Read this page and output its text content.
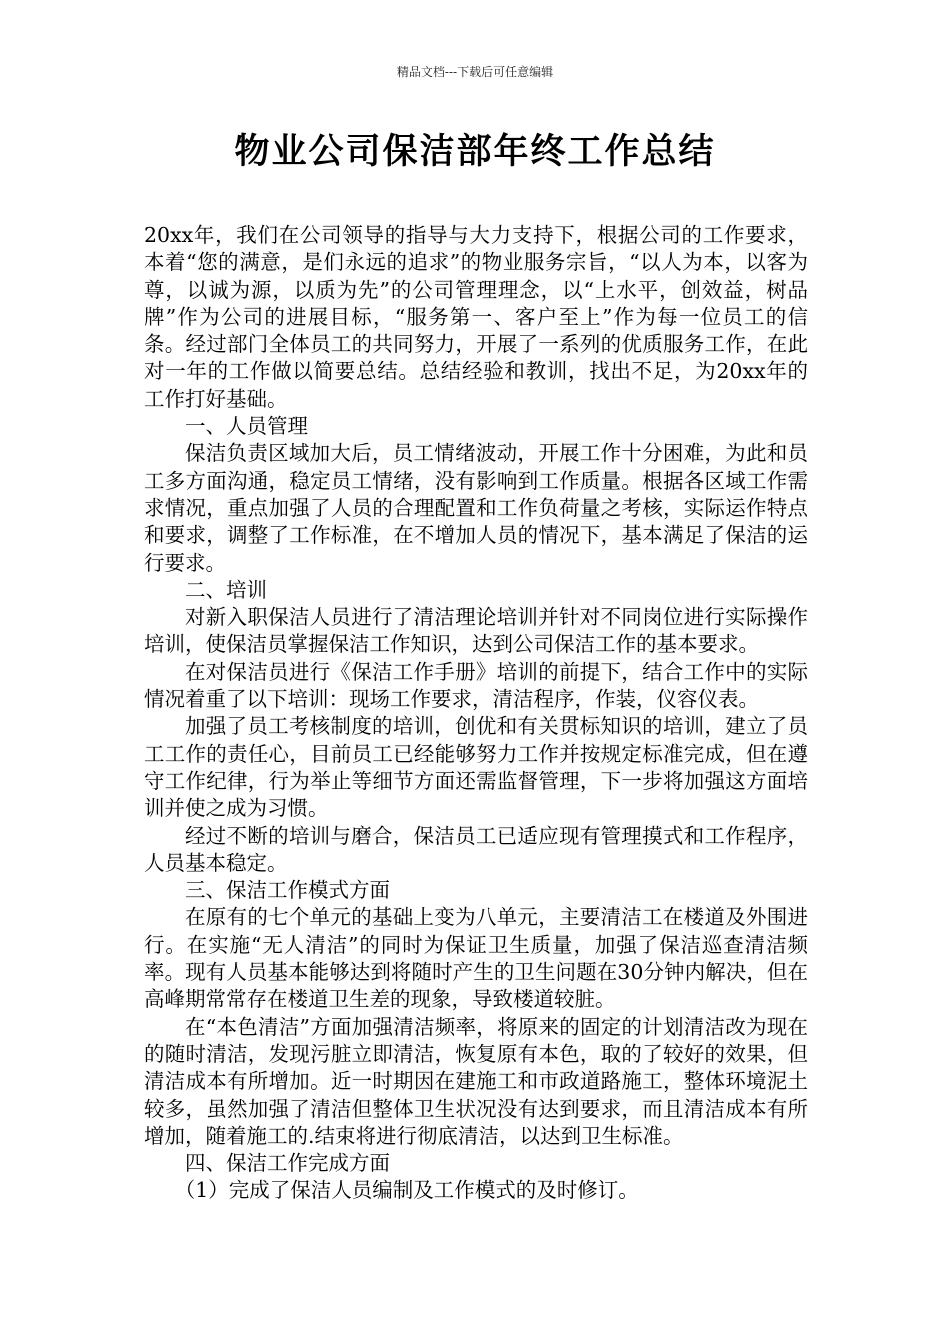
精品文档---下载后可任意编辑
物业公司保洁部年终工作总结

20xx年，我们在公司领导的指导与大力支持下，根据公司的工作要求，本着“您的满意，是们永远的追求”的物业服务宗旨，“以人为本，以客为尊，以诚为源，以质为先”的公司管理理念，以“上水平，创效益，树品牌”作为公司的进展目标，“服务第一、客户至上”作为每一位员工的信条。经过部门全体员工的共同努力，开展了一系列的优质服务工作，在此对一年的工作做以简要总结。总结经验和教训，找出不足，为20xx年的工作打好基础。

一、人员管理

保洁负责区域加大后，员工情绪波动，开展工作十分困难，为此和员工多方面沟通，稳定员工情绪，没有影响到工作质量。根据各区域工作需求情况，重点加强了人员的合理配置和工作负荷量之考核，实际运作特点和要求，调整了工作标准，在不增加人员的情况下，基本满足了保洁的运行要求。

二、培训

对新入职保洁人员进行了清洁理论培训并针对不同岗位进行实际操作培训，使保洁员掌握保洁工作知识，达到公司保洁工作的基本要求。

在对保洁员进行《保洁工作手册》培训的前提下，结合工作中的实际情况着重了以下培训：现场工作要求，清洁程序，作装，仪容仪表。

加强了员工考核制度的培训，创优和有关贯标知识的培训，建立了员工工作的责任心，目前员工已经能够努力工作并按规定标准完成，但在遵守工作纪律，行为举止等细节方面还需监督管理，下一步将加强这方面培训并使之成为习惯。

经过不断的培训与磨合，保洁员工已适应现有管理摸式和工作程序，人员基本稳定。

三、保洁工作模式方面

在原有的七个单元的基础上变为八单元，主要清洁工在楼道及外围进行。在实施“无人清洁”的同时为保证卫生质量，加强了保洁巡查清洁频率。现有人员基本能够达到将随时产生的卫生问题在30分钟内解决，但在高峰期常常存在楼道卫生差的现象，导致楼道较脏。

在“本色清洁”方面加强清洁频率，将原来的固定的计划清洁改为现在的随时清洁，发现污脏立即清洁，恢复原有本色，取的了较好的效果，但清洁成本有所增加。近一时期因在建施工和市政道路施工，整体环境泥土较多，虽然加强了清洁但整体卫生状况没有达到要求，而且清洁成本有所增加，随着施工的.结束将进行彻底清洁，以达到卫生标准。

四、保洁工作完成方面

（1）完成了保洁人员编制及工作模式的及时修订。
